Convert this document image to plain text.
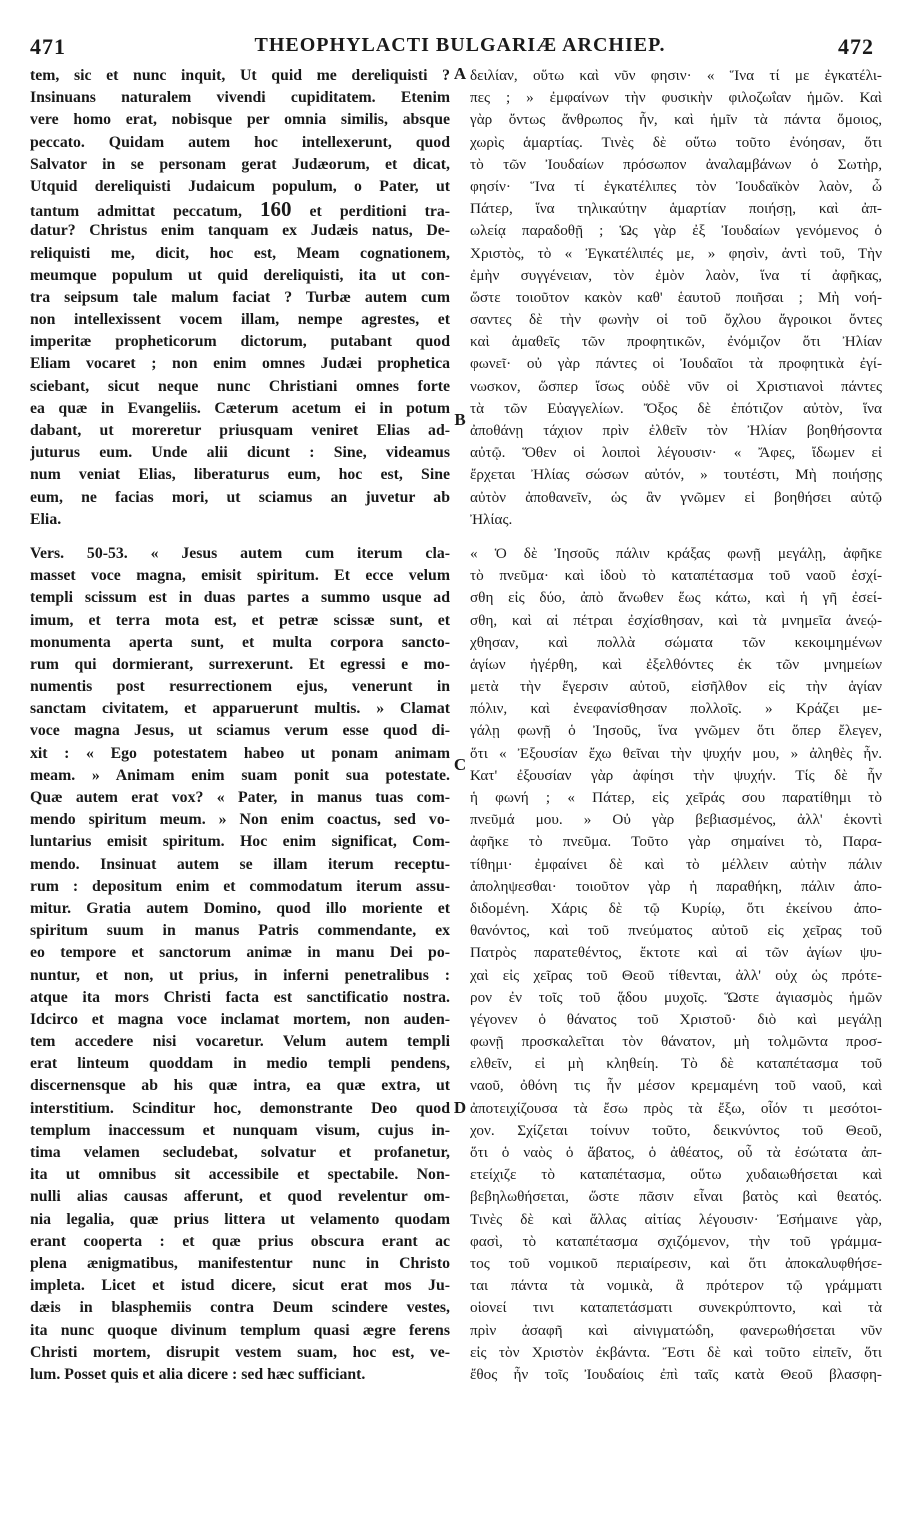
471	THEOPHYLACTI BULGARIÆ ARCHIEP.	472
tem, sic et nunc inquit, Ut quid me dereliquisti ?
Insinuans naturalem vivendi cupiditatem. Etenim
vere homo erat, nobisque per omnia similis, absque
peccato. Quidam autem hoc intellexerunt, quod
Salvator in se personam gerat Judæorum, et dicat,
Utquid dereliquisti Judaicum populum, o Pater, ut
tantum admittat peccatum, 160 et perditioni tra-
datur? Christus enim tanquam ex Judæis natus, De-
reliquisti me, dicit, hoc est, Meam cognationem,
meumque populum ut quid dereliquisti, ita ut con-
tra seipsum tale malum faciat ? Turbæ autem cum
non intellexissent vocem illam, nempe agrestes, et
imperitæ propheticorum dictorum, putabant quod
Eliam vocaret ; non enim omnes Judæi prophetica
sciebant, sicut neque nunc Christiani omnes forte
ea quæ in Evangeliis. Cæterum acetum ei in potum
dabant, ut moreretur priusquam veniret Elias ad-
juturus eum. Unde alii dicunt : Sine, videamus
num veniat Elias, liberaturus eum, hoc est, Sine
eum, ne facias mori, ut sciamus an juvetur ab
Elia.
Vers. 50-53. « Jesus autem cum iterum cla-
masset voce magna, emisit spiritum. Et ecce velum
templi scissum est in duas partes a summo usque ad
imum, et terra mota est, et petræ scissæ sunt, et
monumenta aperta sunt, et multa corpora sancto-
rum qui dormierant, surrexerunt. Et egressi e mo-
numentis post resurrectionem ejus, venerunt in
sanctam civitatem, et apparuerunt multis. » Clamat
voce magna Jesus, ut sciamus verum esse quod di-
xit : « Ego potestatem habeo ut ponam animam
meam. » Animam enim suam ponit sua potestate.
Quæ autem erat vox? « Pater, in manus tuas com-
mendo spiritum meum. » Non enim coactus, sed vo-
luntarius emisit spiritum. Hoc enim significat, Com-
mendo. Insinuat autem se illam iterum receptu-
rum : depositum enim et commodatum iterum assu-
mitur. Gratia autem Domino, quod illo moriente et
spiritum suum in manus Patris commendante, ex
eo tempore et sanctorum animæ in manu Dei po-
nuntur, et non, ut prius, in inferni penetralibus :
atque ita mors Christi facta est sanctificatio nostra.
Idcirco et magna voce inclamat mortem, non auden-
tem accedere nisi vocaretur. Velum autem templi
erat linteum quoddam in medio templi pendens,
discernensque ab his quæ intra, ea quæ extra, ut
interstitium. Scinditur hoc, demonstrante Deo quod
templum inaccessum et nunquam visum, cujus in-
tima velamen secludebat, solvatur et profanetur,
ita ut omnibus sit accessibile et spectabile. Non-
nulli alias causas afferunt, et quod revelentur om-
nia legalia, quæ prius littera ut velamento quodam
erant cooperta : et quæ prius obscura erant ac
plena ænigmatibus, manifestentur nunc in Christo
impleta. Licet et istud dicere, sicut erat mos Ju-
dæis in blasphemiis contra Deum scindere vestes,
ita nunc quoque divinum templum quasi ægre ferens
Christi mortem, disrupit vestem suam, hoc est, ve-
lum. Posset quis et alia dicere : sed hæc sufficiant.
A
B
C
D
δειλίαν, οὕτω καὶ νῦν φησιν· « Ἵνα τί με ἐγκατέλι-
πες ; » ἐμφαίνων τὴν φυσικὴν φιλοζωΐαν ἡμῶν. Καὶ
γὰρ ὄντως ἄνθρωπος ἦν, καὶ ἡμῖν τὰ πάντα ὅμοιος,
χωρὶς ἁμαρτίας. Τινὲς δὲ οὕτω τοῦτο ἐνόησαν, ὅτι
τὸ τῶν Ἰουδαίων πρόσωπον ἀναλαμβάνων ὁ Σωτὴρ,
φησίν· Ἵνα τί ἐγκατέλιπες τὸν Ἰουδαϊκὸν λαὸν, ὦ
Πάτερ, ἵνα τηλικαύτην ἁμαρτίαν ποιήσῃ, καὶ ἀπ-
ωλείᾳ παραδοθῇ ; Ὡς γὰρ ἐξ Ἰουδαίων γενόμενος ὁ
Χριστὸς, τὸ « Ἐγκατέλιπές με, » φησὶν, ἀντὶ τοῦ, Τὴν
ἐμὴν συγγένειαν, τὸν ἐμὸν λαὸν, ἵνα τί ἀφῆκας,
ὥστε τοιοῦτον κακὸν καθ' ἑαυτοῦ ποιῆσαι ; Μὴ νοή-
σαντες δὲ τὴν φωνὴν οἱ τοῦ ὄχλου ἄγροικοι ὄντες
καὶ ἀμαθεῖς τῶν προφητικῶν, ἐνόμιζον ὅτι Ἠλίαν
φωνεῖ· οὐ γὰρ πάντες οἱ Ἰουδαῖοι τὰ προφητικὰ ἐγί-
νωσκον, ὥσπερ ἴσως οὐδὲ νῦν οἱ Χριστιανοὶ πάντες
τὰ τῶν Εὐαγγελίων. Ὄξος δὲ ἐπότιζον αὐτὸν, ἵνα
ἀποθάνῃ τάχιον πρὶν ἐλθεῖν τὸν Ἠλίαν βοηθήσοντα
αὐτῷ. Ὅθεν οἱ λοιποὶ λέγουσιν· « Ἄφες, ἴδωμεν εἰ
ἔρχεται Ἠλίας σώσων αὐτόν, » τουτέστι, Μὴ ποιήσῃς
αὐτὸν ἀποθανεῖν, ὡς ἂν γνῶμεν εἰ βοηθήσει αὐτῷ
Ἠλίας.
« Ὁ δὲ Ἰησοῦς πάλιν κράξας φωνῇ μεγάλῃ, ἀφῆκε
τὸ πνεῦμα· καὶ ἰδοὺ τὸ καταπέτασμα τοῦ ναοῦ ἐσχί-
σθη εἰς δύο, ἀπὸ ἄνωθεν ἕως κάτω, καὶ ἡ γῆ ἐσεί-
σθη, καὶ αἱ πέτραι ἐσχίσθησαν, καὶ τὰ μνημεῖα ἀνεῴ-
χθησαν, καὶ πολλὰ σώματα τῶν κεκοιμημένων
ἁγίων ἠγέρθη, καὶ ἐξελθόντες ἐκ τῶν μνημείων
μετὰ τὴν ἔγερσιν αὐτοῦ, εἰσῆλθον εἰς τὴν ἁγίαν
πόλιν, καὶ ἐνεφανίσθησαν πολλοῖς. » Κράζει με-
γάλῃ φωνῇ ὁ Ἰησοῦς, ἵνα γνῶμεν ὅτι ὅπερ ἔλεγεν,
ὅτι « Ἐξουσίαν ἔχω θεῖναι τὴν ψυχήν μου, » ἀληθὲς ἦν.
Κατ' ἐξουσίαν γὰρ ἀφίησι τὴν ψυχήν. Τίς δὲ ἦν
ἡ φωνή ; « Πάτερ, εἰς χεῖράς σου παρατίθημι τὸ
πνεῦμά μου. » Οὐ γὰρ βεβιασμένος, ἀλλ' ἑκοντὶ
ἀφῆκε τὸ πνεῦμα. Τοῦτο γὰρ σημαίνει τὸ, Παρα-
τίθημι· ἐμφαίνει δὲ καὶ τὸ μέλλειν αὐτὴν πάλιν
ἀποληψεσθαι· τοιοῦτον γὰρ ἡ παραθήκη, πάλιν ἀπο-
διδομένη. Χάρις δὲ τῷ Κυρίῳ, ὅτι ἐκείνου ἀπο-
θανόντος, καὶ τοῦ πνεύματος αὐτοῦ εἰς χεῖρας τοῦ
Πατρὸς παρατεθέντος, ἔκτοτε καὶ αἱ τῶν ἁγίων ψυ-
χαὶ εἰς χεῖρας τοῦ Θεοῦ τίθενται, ἀλλ' οὐχ ὡς πρότε-
ρον ἐν τοῖς τοῦ ᾅδου μυχοῖς. Ὥστε ἁγιασμὸς ἡμῶν
γέγονεν ὁ θάνατος τοῦ Χριστοῦ· διὸ καὶ μεγάλῃ
φωνῇ προσκαλεῖται τὸν θάνατον, μὴ τολμῶντα προσ-
ελθεῖν, εἰ μὴ κληθείη. Τὸ δὲ καταπέτασμα τοῦ
ναοῦ, ὀθόνη τις ἦν μέσον κρεμαμένη τοῦ ναοῦ, καὶ
ἀποτειχίζουσα τὰ ἔσω πρὸς τὰ ἔξω, οἷόν τι μεσότοι-
χον. Σχίζεται τοίνυν τοῦτο, δεικνύντος τοῦ Θεοῦ,
ὅτι ὁ ναὸς ὁ ἄβατος, ὁ ἀθέατος, οὗ τὰ ἐσώτατα ἀπ-
ετείχιζε τὸ καταπέτασμα, οὕτω χυδαιωθήσεται καὶ
βεβηλωθήσεται, ὥστε πᾶσιν εἶναι βατὸς καὶ θεατός.
Τινὲς δὲ καὶ ἄλλας αἰτίας λέγουσιν· Ἐσήμαινε γὰρ,
φασὶ, τὸ καταπέτασμα σχιζόμενον, τὴν τοῦ γράμμα-
τος τοῦ νομικοῦ περιαίρεσιν, καὶ ὅτι ἀποκαλυφθήσε-
ται πάντα τὰ νομικὰ, ἃ πρότερον τῷ γράμματι
οἱονεί τινι καταπετάσματι συνεκρύπτοντο, καὶ τὰ
πρὶν ἀσαφῆ καὶ αἰνιγματώδη, φανερωθήσεται νῦν
εἰς τὸν Χριστὸν ἐκβάντα. Ἔστι δὲ καὶ τοῦτο εἰπεῖν, ὅτι
ἔθος ἦν τοῖς Ἰουδαίοις ἐπὶ ταῖς κατὰ Θεοῦ βλασφη-
